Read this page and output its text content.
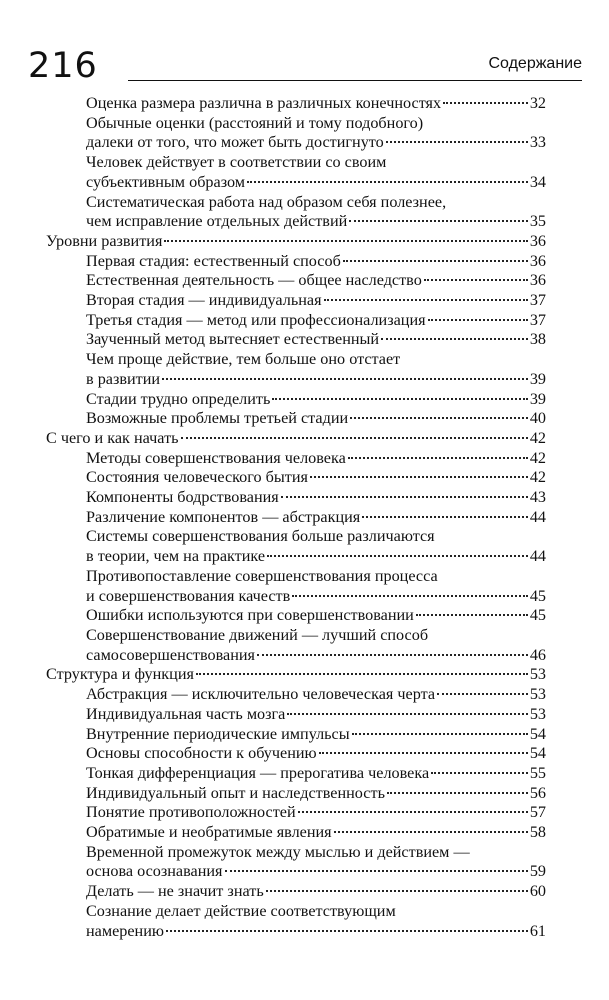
216	Содержание
Оценка размера различна в различных конечностях	32
Обычные оценки (расстояний и тому подобного)
далеки от того, что может быть достигнуто	33
Человек действует в соответствии со своим
субъективным образом	34
Систематическая работа над образом себя полезнее,
чем исправление отдельных действий	35
Уровни развития	36
Первая стадия: естественный способ	36
Естественная деятельность — общее наследство	36
Вторая стадия — индивидуальная	37
Третья стадия — метод или профессионализация	37
Заученный метод вытесняет естественный	38
Чем проще действие, тем больше оно отстает
в развитии	39
Стадии трудно определить	39
Возможные проблемы третьей стадии	40
С чего и как начать	42
Методы совершенствования человека	42
Состояния человеческого бытия	42
Компоненты бодрствования	43
Различение компонентов — абстракция	44
Системы совершенствования больше различаются
в теории, чем на практике	44
Противопоставление совершенствования процесса
и совершенствования качеств	45
Ошибки используются при совершенствовании	45
Совершенствование движений — лучший способ
самосовершенствования	46
Структура и функция	53
Абстракция — исключительно человеческая черта	53
Индивидуальная часть мозга	53
Внутренние периодические импульсы	54
Основы способности к обучению	54
Тонкая дифференциация — прерогатива человека	55
Индивидуальный опыт и наследственность	56
Понятие противоположностей	57
Обратимые и необратимые явления	58
Временной промежуток между мыслью и действием —
основа осознавания	59
Делать — не значит знать	60
Сознание делает действие соответствующим
намерению	61
